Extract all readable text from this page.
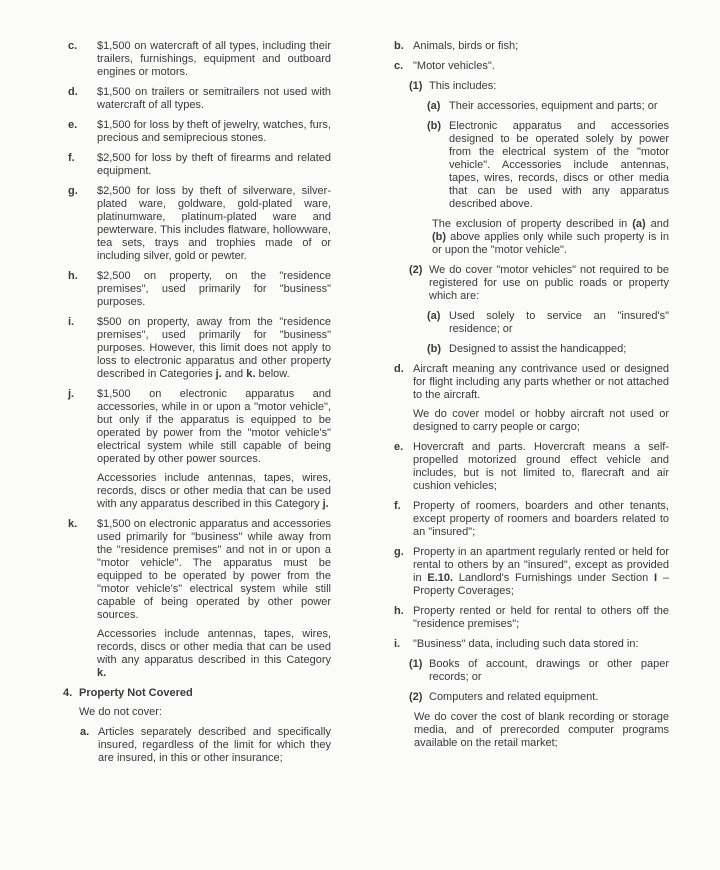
c. $1,500 on watercraft of all types, including their trailers, furnishings, equipment and outboard engines or motors.
d. $1,500 on trailers or semitrailers not used with watercraft of all types.
e. $1,500 for loss by theft of jewelry, watches, furs, precious and semiprecious stones.
f. $2,500 for loss by theft of firearms and related equipment.
g. $2,500 for loss by theft of silverware, silver-plated ware, goldware, gold-plated ware, platinumware, platinum-plated ware and pewterware. This includes flatware, hollowware, tea sets, trays and trophies made of or including silver, gold or pewter.
h. $2,500 on property, on the "residence premises", used primarily for "business" purposes.
i. $500 on property, away from the "residence premises", used primarily for "business" purposes. However, this limit does not apply to loss to electronic apparatus and other property described in Categories j. and k. below.
j. $1,500 on electronic apparatus and accessories, while in or upon a "motor vehicle", but only if the apparatus is equipped to be operated by power from the "motor vehicle's" electrical system while still capable of being operated by other power sources.
Accessories include antennas, tapes, wires, records, discs or other media that can be used with any apparatus described in this Category j.
k. $1,500 on electronic apparatus and accessories used primarily for "business" while away from the "residence premises" and not in or upon a "motor vehicle". The apparatus must be equipped to be operated by power from the "motor vehicle's" electrical system while still capable of being operated by other power sources.
Accessories include antennas, tapes, wires, records, discs or other media that can be used with any apparatus described in this Category k.
4. Property Not Covered
We do not cover:
a. Articles separately described and specifically insured, regardless of the limit for which they are insured, in this or other insurance;
b. Animals, birds or fish;
c. "Motor vehicles".
(1) This includes:
(a) Their accessories, equipment and parts; or
(b) Electronic apparatus and accessories designed to be operated solely by power from the electrical system of the "motor vehicle". Accessories include antennas, tapes, wires, records, discs or other media that can be used with any apparatus described above.
The exclusion of property described in (a) and (b) above applies only while such property is in or upon the "motor vehicle".
(2) We do cover "motor vehicles" not required to be registered for use on public roads or property which are:
(a) Used solely to service an "insured's" residence; or
(b) Designed to assist the handicapped;
d. Aircraft meaning any contrivance used or designed for flight including any parts whether or not attached to the aircraft.
We do cover model or hobby aircraft not used or designed to carry people or cargo;
e. Hovercraft and parts. Hovercraft means a self-propelled motorized ground effect vehicle and includes, but is not limited to, flarecraft and air cushion vehicles;
f. Property of roomers, boarders and other tenants, except property of roomers and boarders related to an "insured";
g. Property in an apartment regularly rented or held for rental to others by an "insured", except as provided in E.10. Landlord's Furnishings under Section I – Property Coverages;
h. Property rented or held for rental to others off the "residence premises";
i. "Business" data, including such data stored in:
(1) Books of account, drawings or other paper records; or
(2) Computers and related equipment.
We do cover the cost of blank recording or storage media, and of prerecorded computer programs available on the retail market;
